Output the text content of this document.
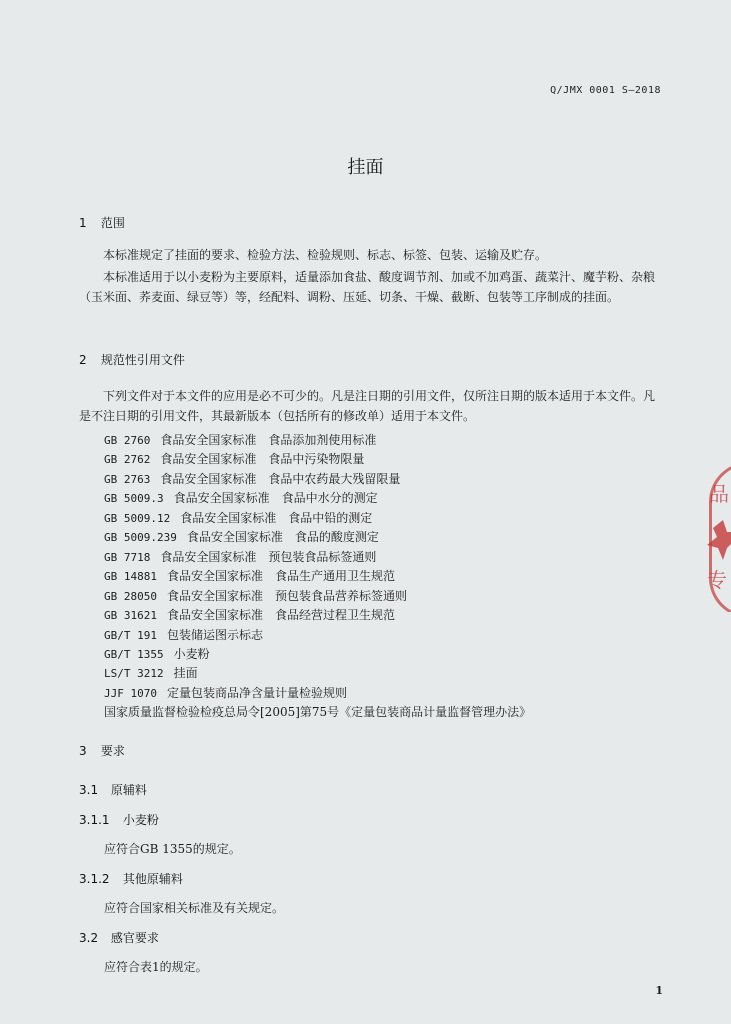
Q/JMX 0001 S—2018
挂面
1 范围
本标准规定了挂面的要求、检验方法、检验规则、标志、标签、包装、运输及贮存。
本标准适用于以小麦粉为主要原料，适量添加食盐、酸度调节剂、加或不加鸡蛋、蔬菜汁、魔芋粉、杂粮（玉米面、荞麦面、绿豆等）等，经配料、调粉、压延、切条、干燥、截断、包装等工序制成的挂面。
2 规范性引用文件
下列文件对于本文件的应用是必不可少的。凡是注日期的引用文件，仅所注日期的版本适用于本文件。凡是不注日期的引用文件，其最新版本（包括所有的修改单）适用于本文件。
GB 2760 食品安全国家标准　食品添加剂使用标准
GB 2762 食品安全国家标准　食品中污染物限量
GB 2763 食品安全国家标准　食品中农药最大残留限量
GB 5009.3 食品安全国家标准　食品中水分的测定
GB 5009.12 食品安全国家标准　食品中铅的测定
GB 5009.239 食品安全国家标准　食品的酸度测定
GB 7718 食品安全国家标准　预包装食品标签通则
GB 14881 食品安全国家标准　食品生产通用卫生规范
GB 28050 食品安全国家标准　预包装食品营养标签通则
GB 31621 食品安全国家标准　食品经营过程卫生规范
GB/T 191 包装储运图示标志
GB/T 1355 小麦粉
LS/T 3212 挂面
JJF 1070 定量包装商品净含量计量检验规则
国家质量监督检验检疫总局令[2005]第75号《定量包装商品计量监督管理办法》
3 要求
3.1 原辅料
3.1.1 小麦粉
应符合GB 1355的规定。
3.1.2 其他原辅料
应符合国家相关标准及有关规定。
3.2 感官要求
应符合表1的规定。
1
品
专
